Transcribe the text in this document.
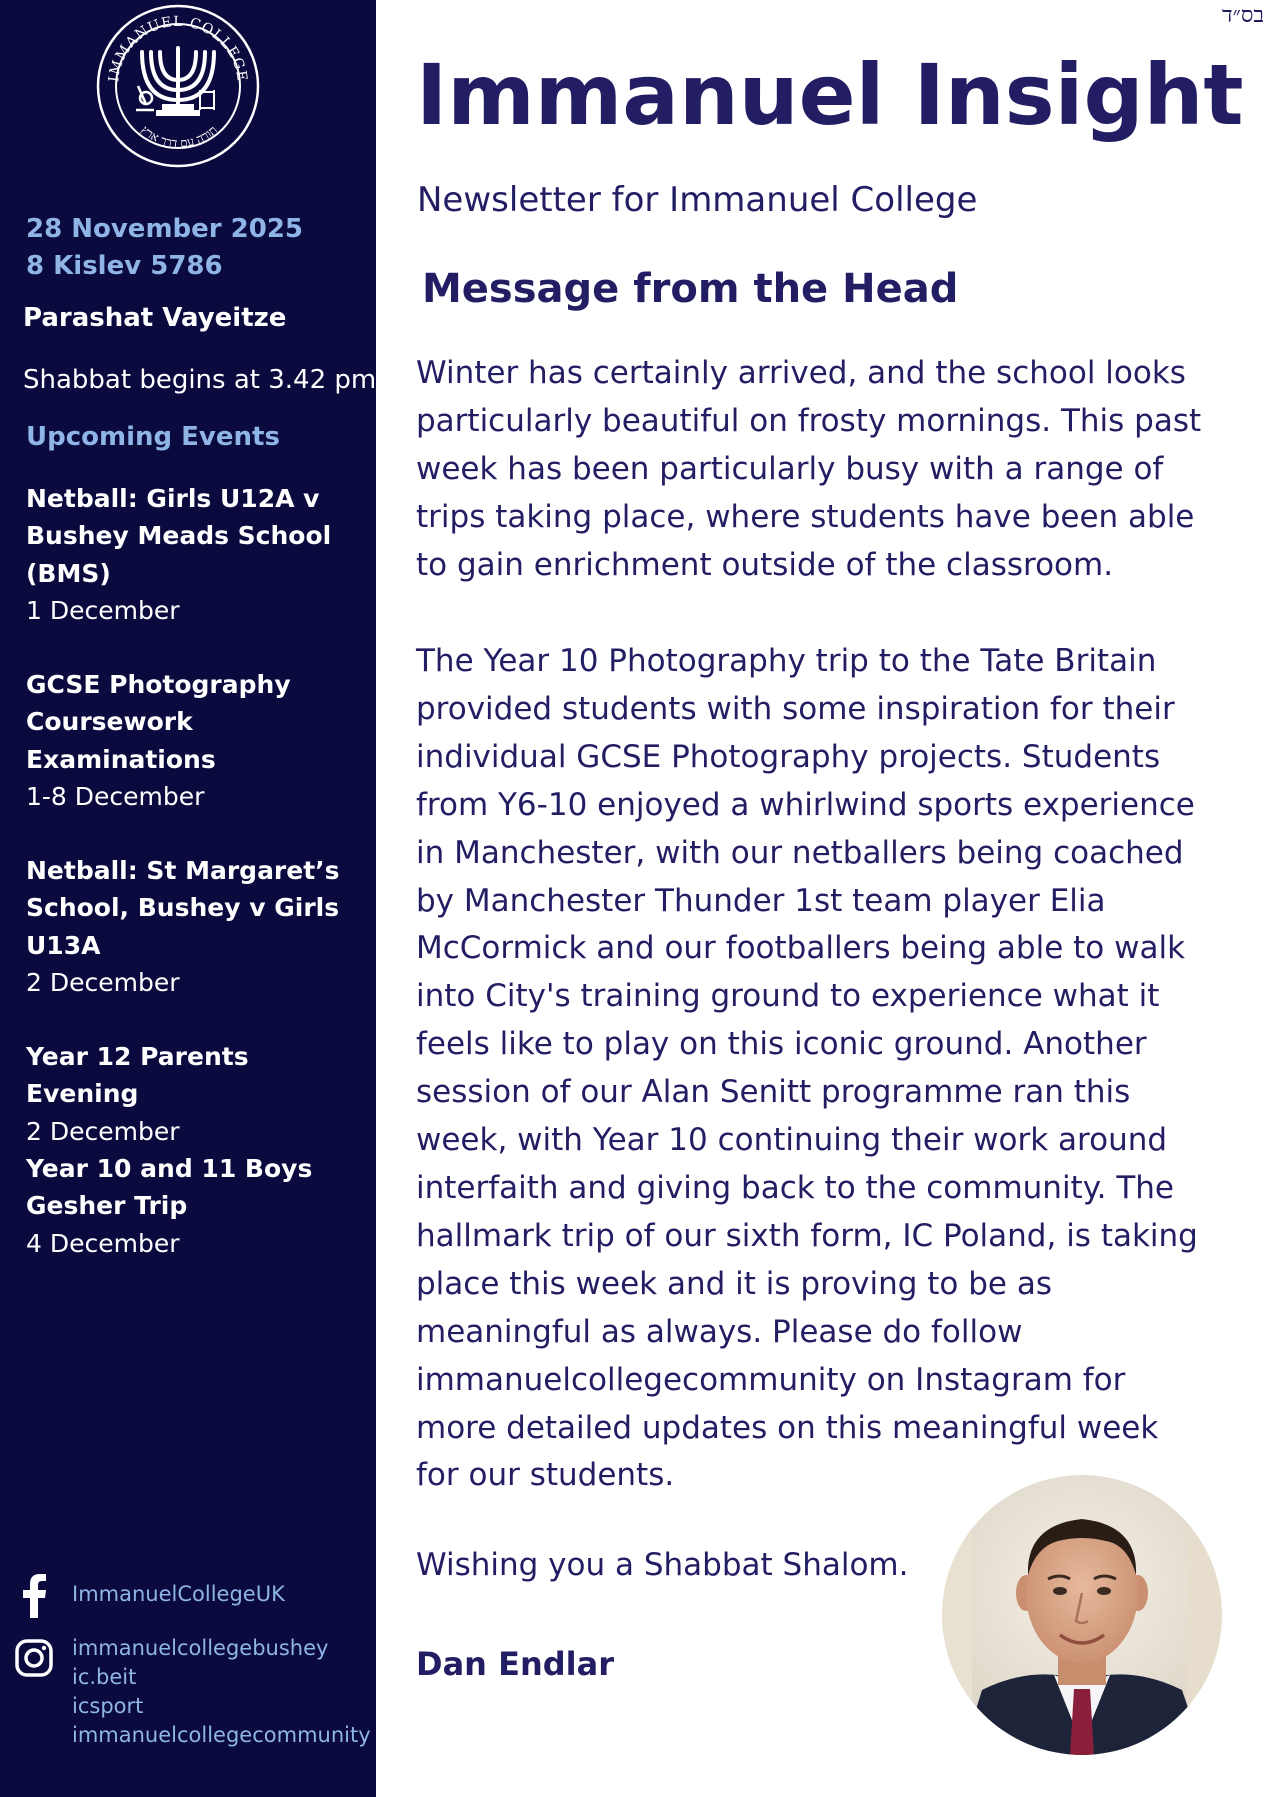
IMMANUEL COLLEGE
תורה עם דרך ארץ
28 November 2025
8 Kislev 5786
Parashat Vayeitze
Shabbat begins at 3.42 pm
Upcoming Events
Netball: Girls U12A v
Bushey Meads School
(BMS)
1 December
GCSE Photography
Coursework
Examinations
1-8 December
Netball: St Margaret’s
School, Bushey v Girls
U13A
2 December
Year 12 Parents Evening
2 December
Year 10 and 11 Boys
Gesher Trip
4 December
ImmanuelCollegeUK
immanuelcollegebushey
ic.beit
icsport
immanuelcollegecommunity
בס״ד
Immanuel Insight
Newsletter for Immanuel College
Message from the Head
Winter has certainly arrived, and the school looks
particularly beautiful on frosty mornings. This past
week has been particularly busy with a range of
trips taking place, where students have been able
to gain enrichment outside of the classroom.
The Year 10 Photography trip to the Tate Britain
provided students with some inspiration for their
individual GCSE Photography projects. Students
from Y6-10 enjoyed a whirlwind sports experience
in Manchester, with our netballers being coached
by Manchester Thunder 1st team player Elia
McCormick and our footballers being able to walk
into City's training ground to experience what it
feels like to play on this iconic ground. Another
session of our Alan Senitt programme ran this
week, with Year 10 continuing their work around
interfaith and giving back to the community. The
hallmark trip of our sixth form, IC Poland, is taking
place this week and it is proving to be as
meaningful as always. Please do follow
immanuelcollegecommunity on Instagram for
more detailed updates on this meaningful week
for our students.
Wishing you a Shabbat Shalom.
Dan Endlar
